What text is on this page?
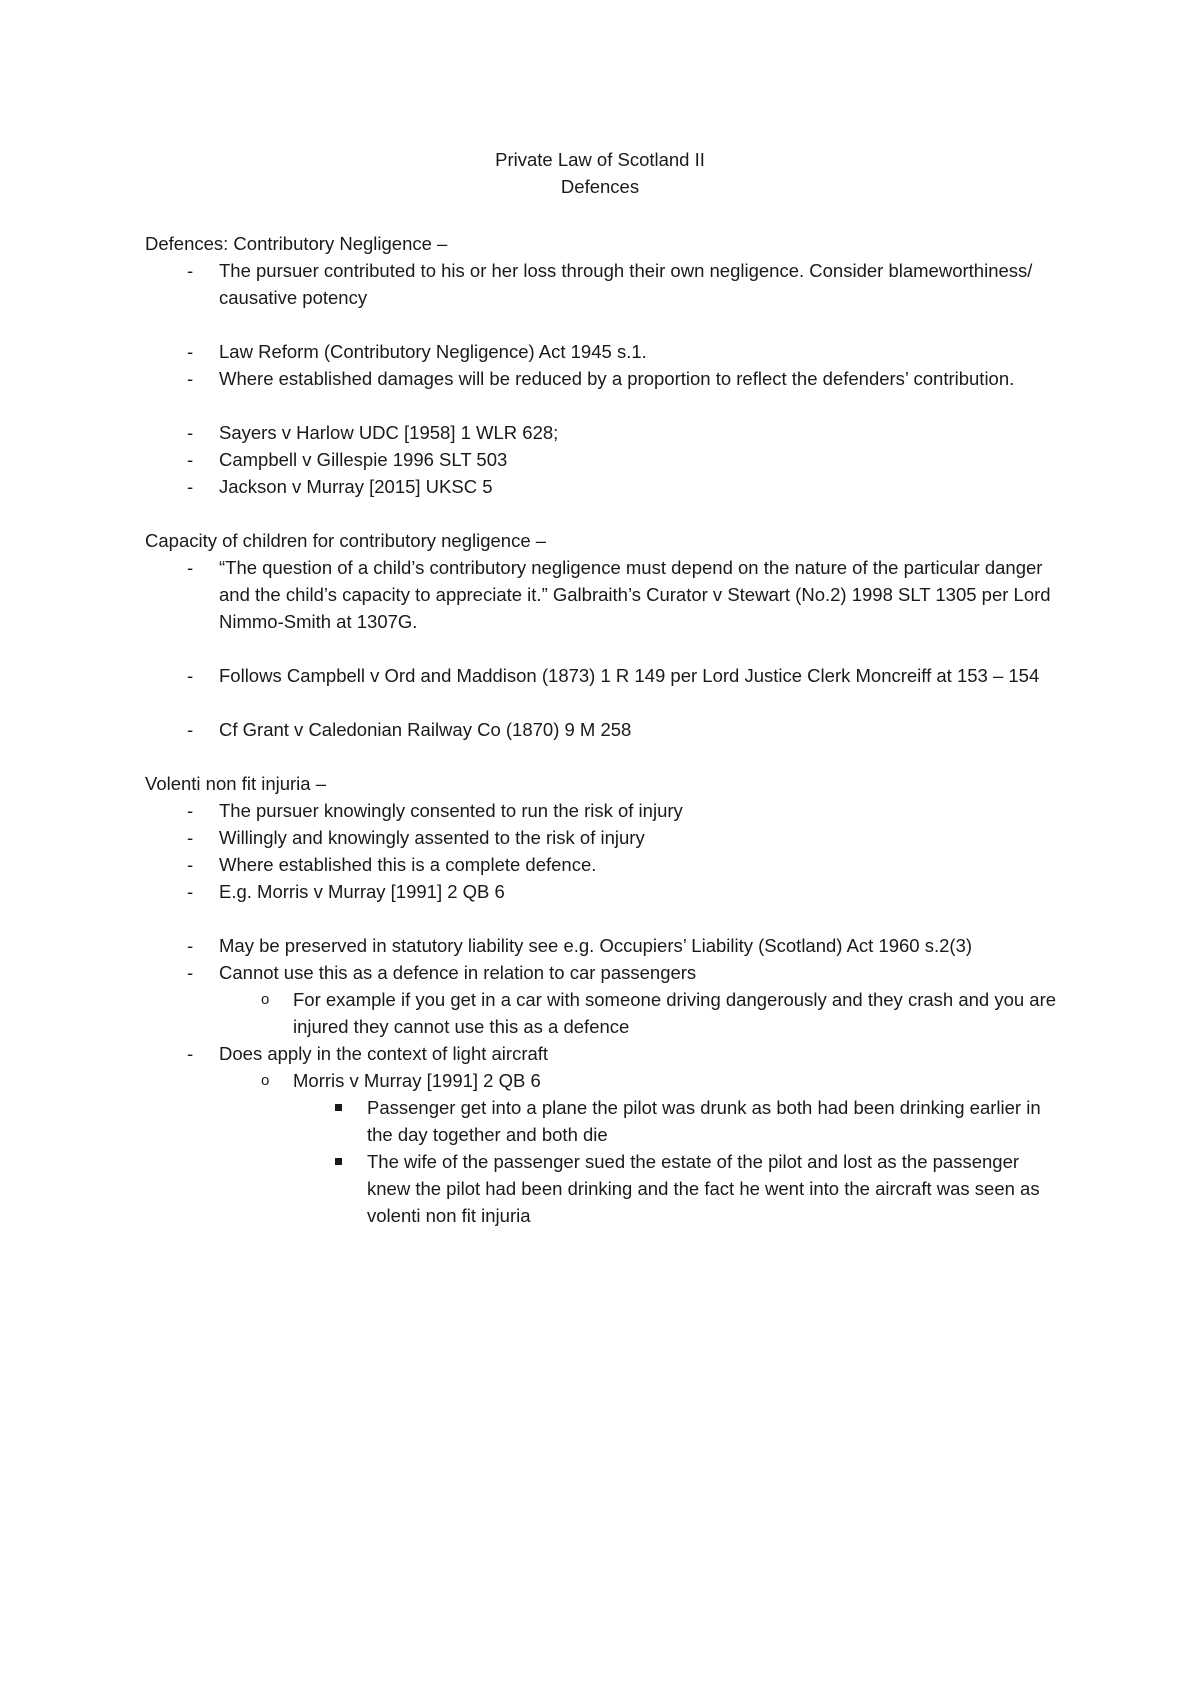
Private Law of Scotland II
Defences

Defences: Contributory Negligence –

- The pursuer contributed to his or her loss through their own negligence. Consider blameworthiness/ causative potency

- Law Reform (Contributory Negligence) Act 1945 s.1.

- Where established damages will be reduced by a proportion to reflect the defenders’ contribution.

- Sayers v Harlow UDC [1958] 1 WLR 628;

- Campbell v Gillespie 1996 SLT 503

- Jackson v Murray [2015] UKSC 5

Capacity of children for contributory negligence –

- “The question of a child’s contributory negligence must depend on the nature of the particular danger and the child’s capacity to appreciate it.” Galbraith’s Curator v Stewart (No.2) 1998 SLT 1305 per Lord Nimmo-Smith at 1307G.

- Follows Campbell v Ord and Maddison (1873) 1 R 149 per Lord Justice Clerk Moncreiff at 153 – 154

- Cf Grant v Caledonian Railway Co (1870) 9 M 258

Volenti non fit injuria –

- The pursuer knowingly consented to run the risk of injury

- Willingly and knowingly assented to the risk of injury

- Where established this is a complete defence.

- E.g. Morris v Murray [1991] 2 QB 6

- May be preserved in statutory liability see e.g. Occupiers’ Liability (Scotland) Act 1960 s.2(3)

- Cannot use this as a defence in relation to car passengers

o For example if you get in a car with someone driving dangerously and they crash and you are injured they cannot use this as a defence

- Does apply in the context of light aircraft

o Morris v Murray [1991] 2 QB 6

Passenger get into a plane the pilot was drunk as both had been drinking earlier in the day together and both die

The wife of the passenger sued the estate of the pilot and lost as the passenger knew the pilot had been drinking and the fact he went into the aircraft was seen as volenti non fit injuria
